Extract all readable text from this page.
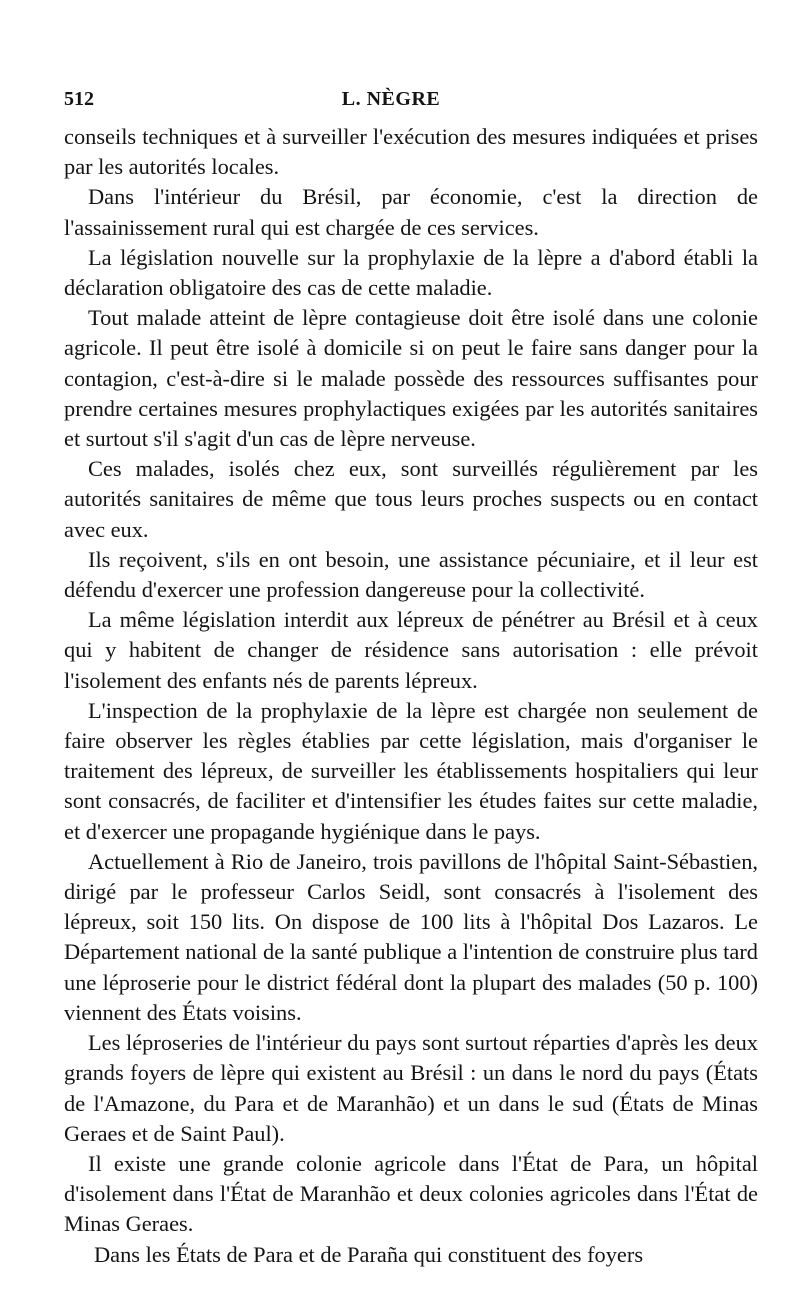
512	L. NÈGRE

conseils techniques et à surveiller l'exécution des mesures indiquées et prises par les autorités locales.

Dans l'intérieur du Brésil, par économie, c'est la direction de l'assainissement rural qui est chargée de ces services.

La législation nouvelle sur la prophylaxie de la lèpre a d'abord établi la déclaration obligatoire des cas de cette maladie.

Tout malade atteint de lèpre contagieuse doit être isolé dans une colonie agricole. Il peut être isolé à domicile si on peut le faire sans danger pour la contagion, c'est-à-dire si le malade possède des ressources suffisantes pour prendre certaines mesures prophylactiques exigées par les autorités sanitaires et surtout s'il s'agit d'un cas de lèpre nerveuse.

Ces malades, isolés chez eux, sont surveillés régulièrement par les autorités sanitaires de même que tous leurs proches suspects ou en contact avec eux.

Ils reçoivent, s'ils en ont besoin, une assistance pécuniaire, et il leur est défendu d'exercer une profession dangereuse pour la collectivité.

La même législation interdit aux lépreux de pénétrer au Brésil et à ceux qui y habitent de changer de résidence sans autorisation : elle prévoit l'isolement des enfants nés de parents lépreux.

L'inspection de la prophylaxie de la lèpre est chargée non seulement de faire observer les règles établies par cette législation, mais d'organiser le traitement des lépreux, de surveiller les établissements hospitaliers qui leur sont consacrés, de faciliter et d'intensifier les études faites sur cette maladie, et d'exercer une propagande hygiénique dans le pays.

Actuellement à Rio de Janeiro, trois pavillons de l'hôpital Saint-Sébastien, dirigé par le professeur Carlos Seidl, sont consacrés à l'isolement des lépreux, soit 150 lits. On dispose de 100 lits à l'hôpital Dos Lazaros. Le Département national de la santé publique a l'intention de construire plus tard une léproserie pour le district fédéral dont la plupart des malades (50 p. 100) viennent des États voisins.

Les léproseries de l'intérieur du pays sont surtout réparties d'après les deux grands foyers de lèpre qui existent au Brésil : un dans le nord du pays (États de l'Amazone, du Para et de Maranhão) et un dans le sud (États de Minas Geraes et de Saint Paul).

Il existe une grande colonie agricole dans l'État de Para, un hôpital d'isolement dans l'État de Maranhão et deux colonies agricoles dans l'État de Minas Geraes.

Dans les États de Para et de Paraña qui constituent des foyers
